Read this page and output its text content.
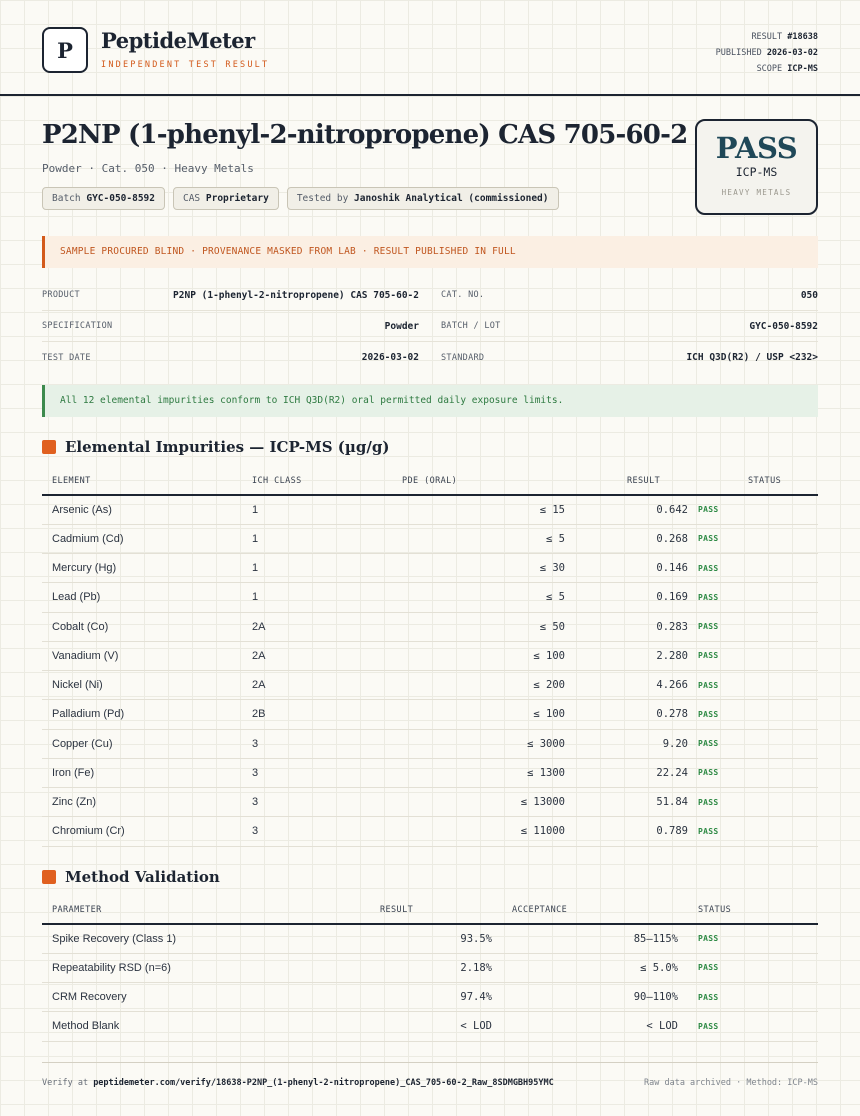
P PeptideMeter
INDEPENDENT TEST RESULT
RESULT #18638
PUBLISHED 2026-03-02
SCOPE ICP-MS
P2NP (1-phenyl-2-nitropropene) CAS 705-60-2
Powder · Cat. 050 · Heavy Metals
Batch GYC-050-8592	CAS Proprietary	Tested by Janoshik Analytical (commissioned)
PASS
ICP-MS
HEAVY METALS
SAMPLE PROCURED BLIND · PROVENANCE MASKED FROM LAB · RESULT PUBLISHED IN FULL
PRODUCT	P2NP (1-phenyl-2-nitropropene) CAS 705-60-2	CAT. NO.	050
SPECIFICATION	Powder	BATCH / LOT	GYC-050-8592
TEST DATE	2026-03-02	STANDARD	ICH Q3D(R2) / USP <232>
All 12 elemental impurities conform to ICH Q3D(R2) oral permitted daily exposure limits.
Elemental Impurities — ICP-MS (µg/g)
ELEMENT	ICH CLASS	PDE (ORAL)	RESULT	STATUS
Arsenic (As)	1	≤ 15	0.642	PASS
Cadmium (Cd)	1	≤ 5	0.268	PASS
Mercury (Hg)	1	≤ 30	0.146	PASS
Lead (Pb)	1	≤ 5	0.169	PASS
Cobalt (Co)	2A	≤ 50	0.283	PASS
Vanadium (V)	2A	≤ 100	2.280	PASS
Nickel (Ni)	2A	≤ 200	4.266	PASS
Palladium (Pd)	2B	≤ 100	0.278	PASS
Copper (Cu)	3	≤ 3000	9.20	PASS
Iron (Fe)	3	≤ 1300	22.24	PASS
Zinc (Zn)	3	≤ 13000	51.84	PASS
Chromium (Cr)	3	≤ 11000	0.789	PASS
Method Validation
PARAMETER	RESULT	ACCEPTANCE	STATUS
Spike Recovery (Class 1)	93.5%	85–115%	PASS
Repeatability RSD (n=6)	2.18%	≤ 5.0%	PASS
CRM Recovery	97.4%	90–110%	PASS
Method Blank	< LOD	< LOD	PASS
Verify at peptidemeter.com/verify/18638-P2NP_(1-phenyl-2-nitropropene)_CAS_705-60-2_Raw_8SDMGBH95YMC	Raw data archived · Method: ICP-MS
